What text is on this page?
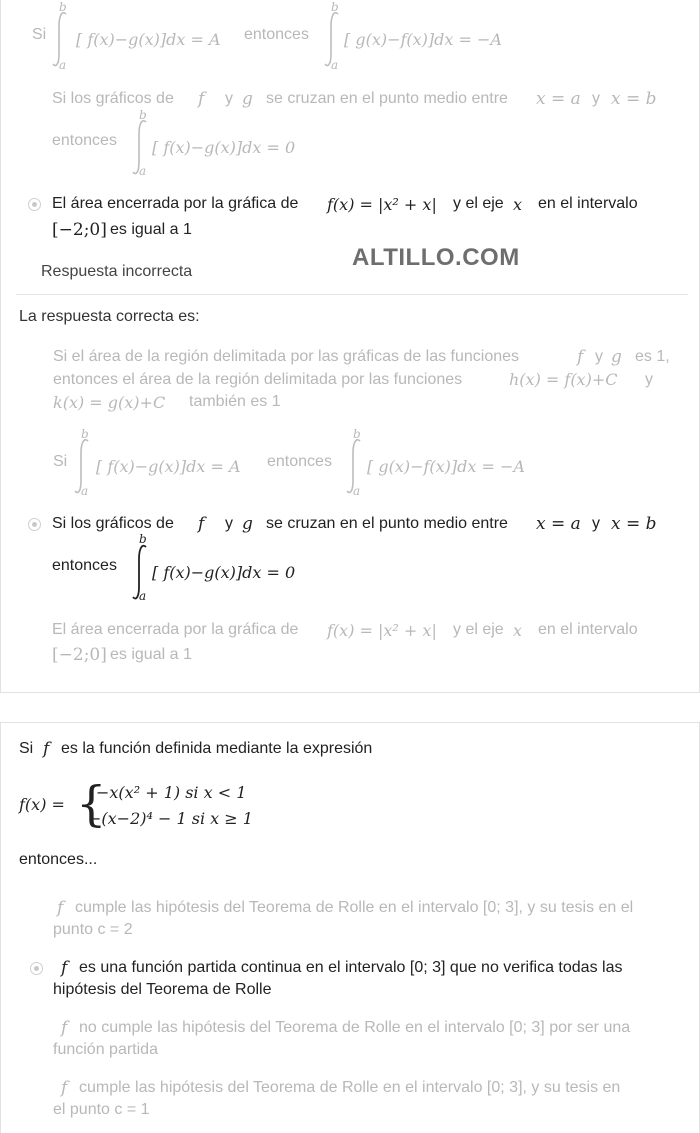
Si
b
a
[ f(x)−g(x)]dx = A entonces
b
a
[ g(x)−f(x)]dx = −A
Si los gráficos de f y g se cruzan en el punto medio entre x = a y x = b
entonces
b
a
[ f(x)−g(x)]dx = 0
El área encerrada por la gráfica de f(x) = |x² + x| y el eje x en el intervalo
[−2;0] es igual a 1
Respuesta incorrecta
ALTILLO.COM
La respuesta correcta es:
Si el área de la región delimitada por las gráficas de las funciones	f y g es 1,
entonces el área de la región delimitada por las funciones	h(x) = f(x)+C y
k(x) = g(x)+C también es 1
Si
b
a
[ f(x)−g(x)]dx = A entonces
b
a
[ g(x)−f(x)]dx = −A
Si los gráficos de f y g se cruzan en el punto medio entre x = a y x = b
entonces
b
a
[ f(x)−g(x)]dx = 0
El área encerrada por la gráfica de f(x) = |x² + x| y el eje x en el intervalo
[−2;0] es igual a 1
Si f es la función definida mediante la expresión
f(x) = {
−x(x² + 1) si x < 1
−(x−2)⁴ − 1 si x ≥ 1
entonces...
f cumple las hipótesis del Teorema de Rolle en el intervalo [0; 3], y su tesis en el
punto c = 2
f es una función partida continua en el intervalo [0; 3] que no verifica todas las
hipótesis del Teorema de Rolle
f no cumple las hipótesis del Teorema de Rolle en el intervalo [0; 3] por ser una
función partida
f cumple las hipótesis del Teorema de Rolle en el intervalo [0; 3], y su tesis en
el punto c = 1
